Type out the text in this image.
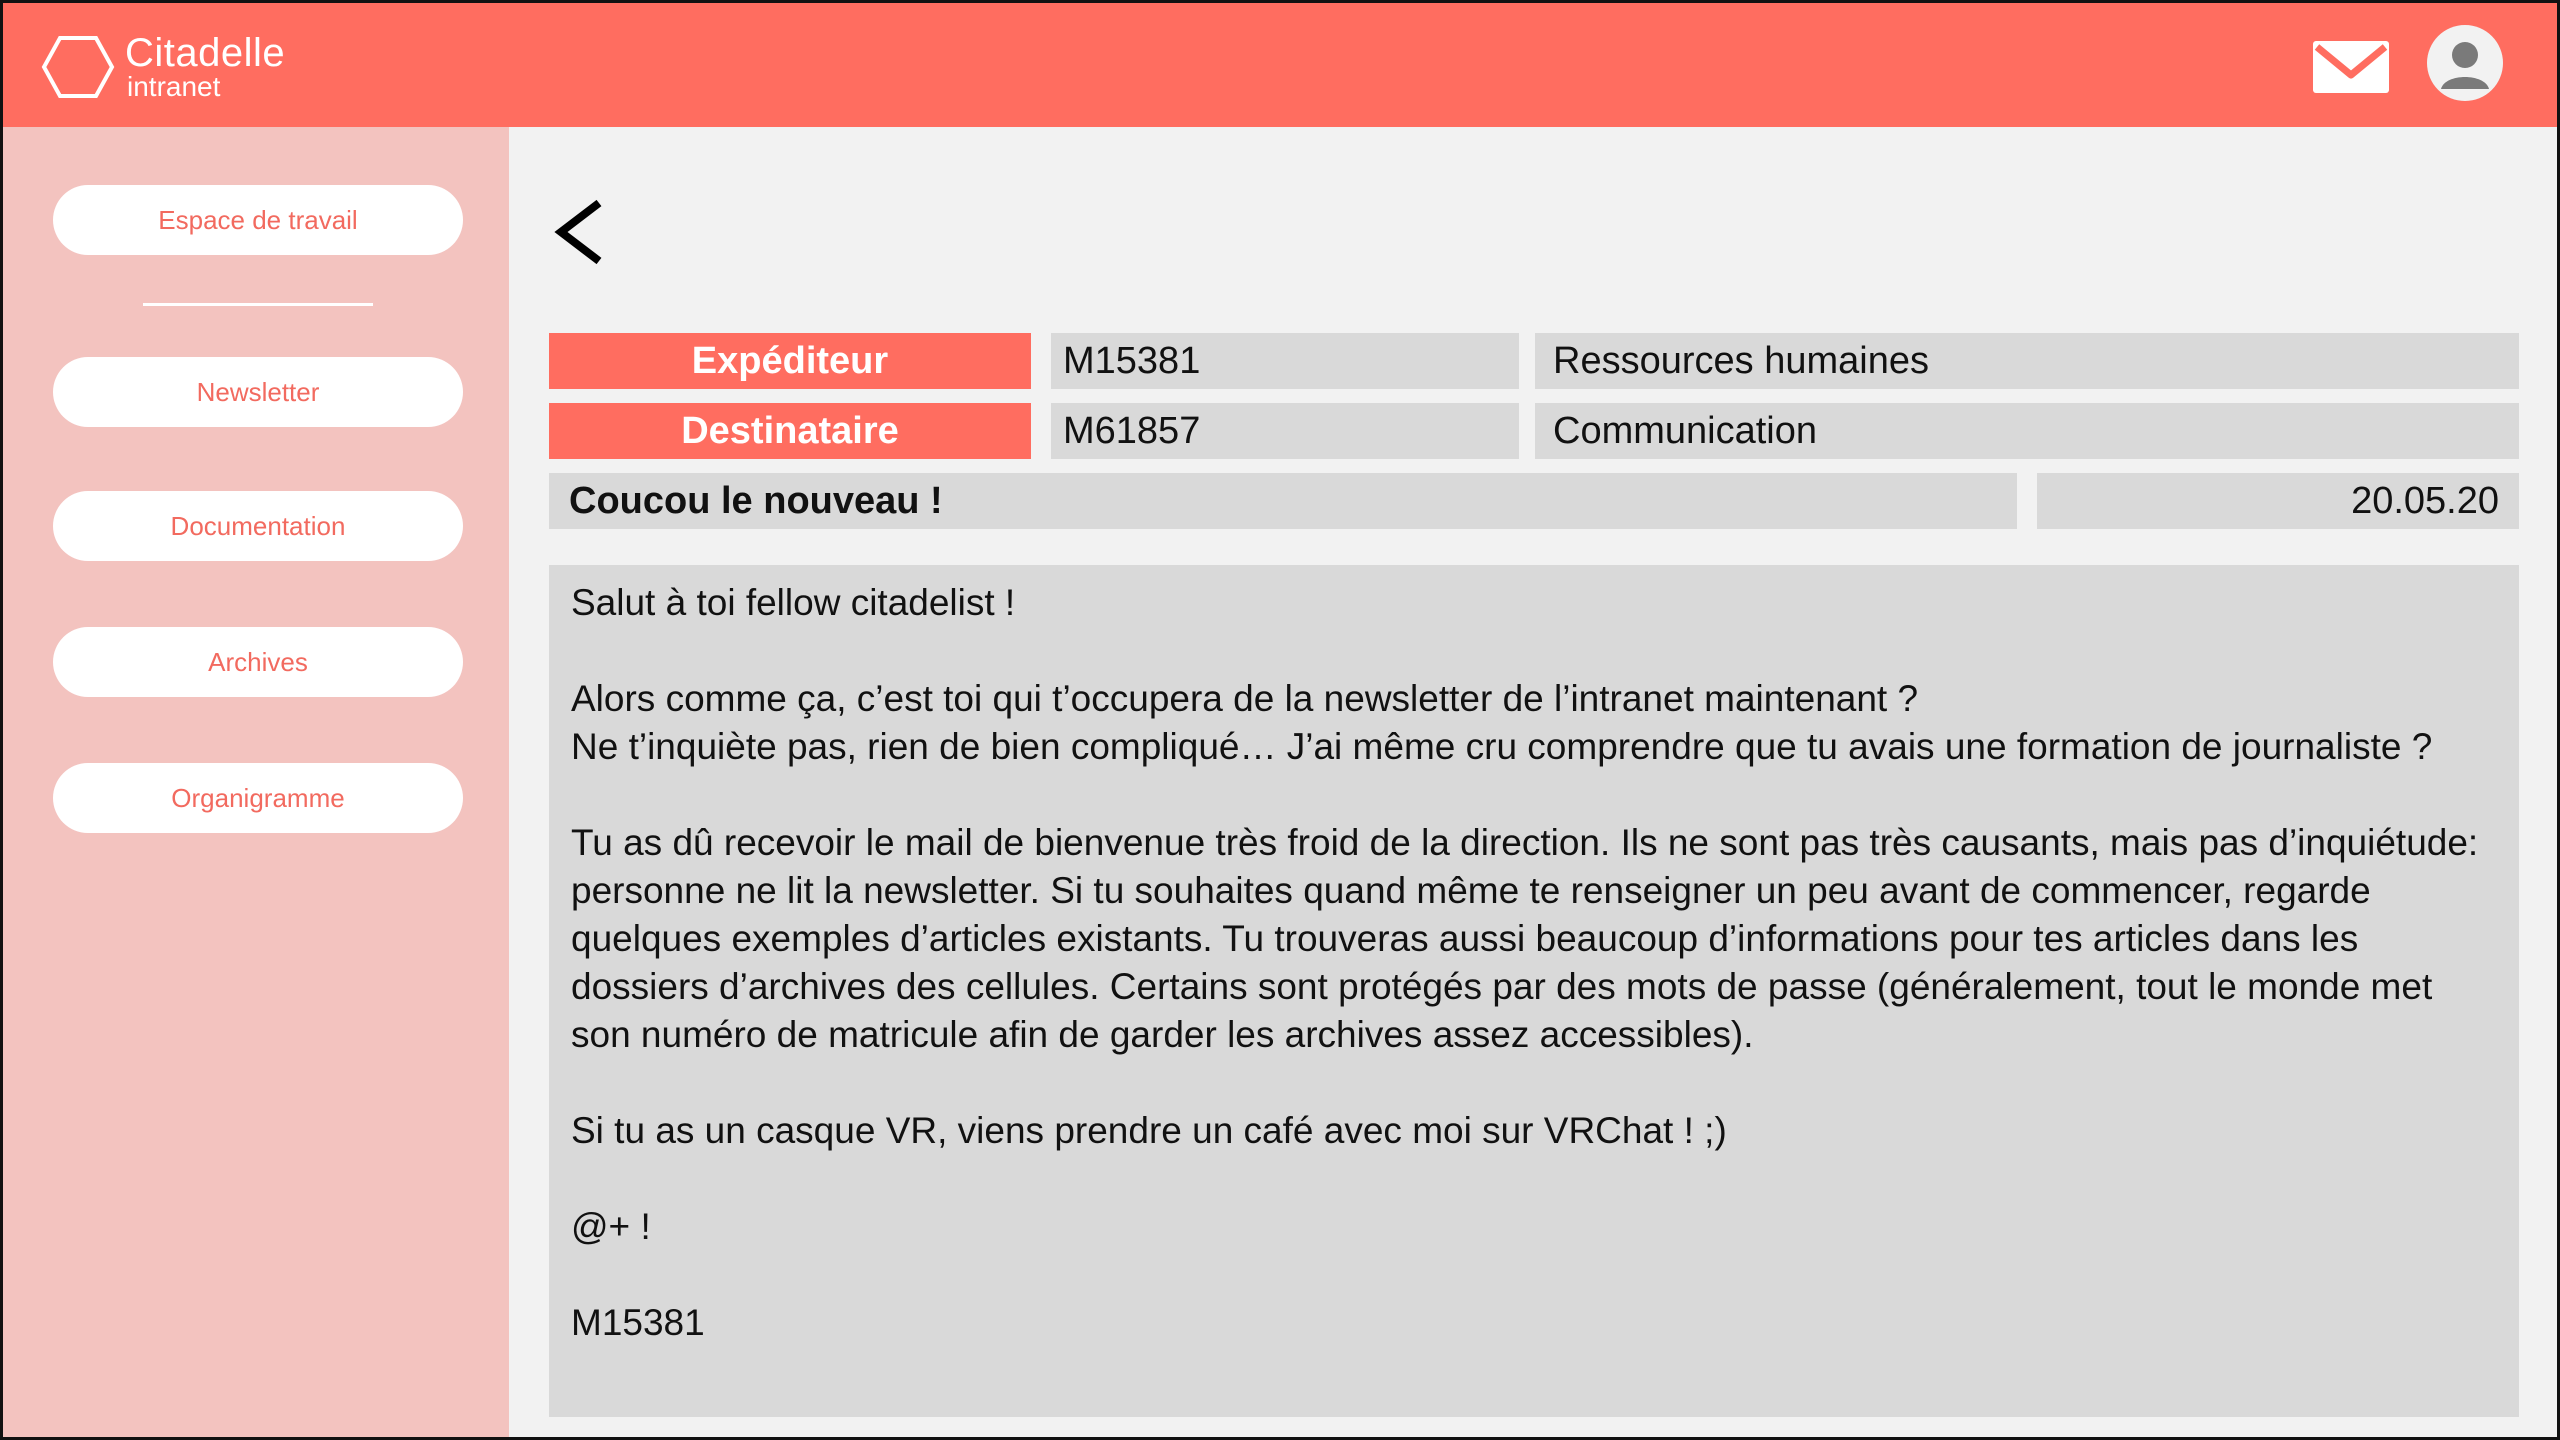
Citadelle
intranet
Espace de travail
Newsletter
Documentation
Archives
Organigramme
Expéditeur	M15381	Ressources humaines
Destinataire	M61857	Communication
Coucou le nouveau !	20.05.20

Salut à toi fellow citadelist !

Alors comme ça, c’est toi qui t’occupera de la newsletter de l’intranet maintenant ?
Ne t’inquiète pas, rien de bien compliqué… J’ai même cru comprendre que tu avais une formation de journaliste ?

Tu as dû recevoir le mail de bienvenue très froid de la direction. Ils ne sont pas très causants, mais pas d’inquiétude: personne ne lit la newsletter. Si tu souhaites quand même te renseigner un peu avant de commencer, regarde quelques exemples d’articles existants. Tu trouveras aussi beaucoup d’informations pour tes articles dans les dossiers d’archives des cellules. Certains sont protégés par des mots de passe (généralement, tout le monde met son numéro de matricule afin de garder les archives assez accessibles).

Si tu as un casque VR, viens prendre un café avec moi sur VRChat ! ;)

@+ !

M15381
